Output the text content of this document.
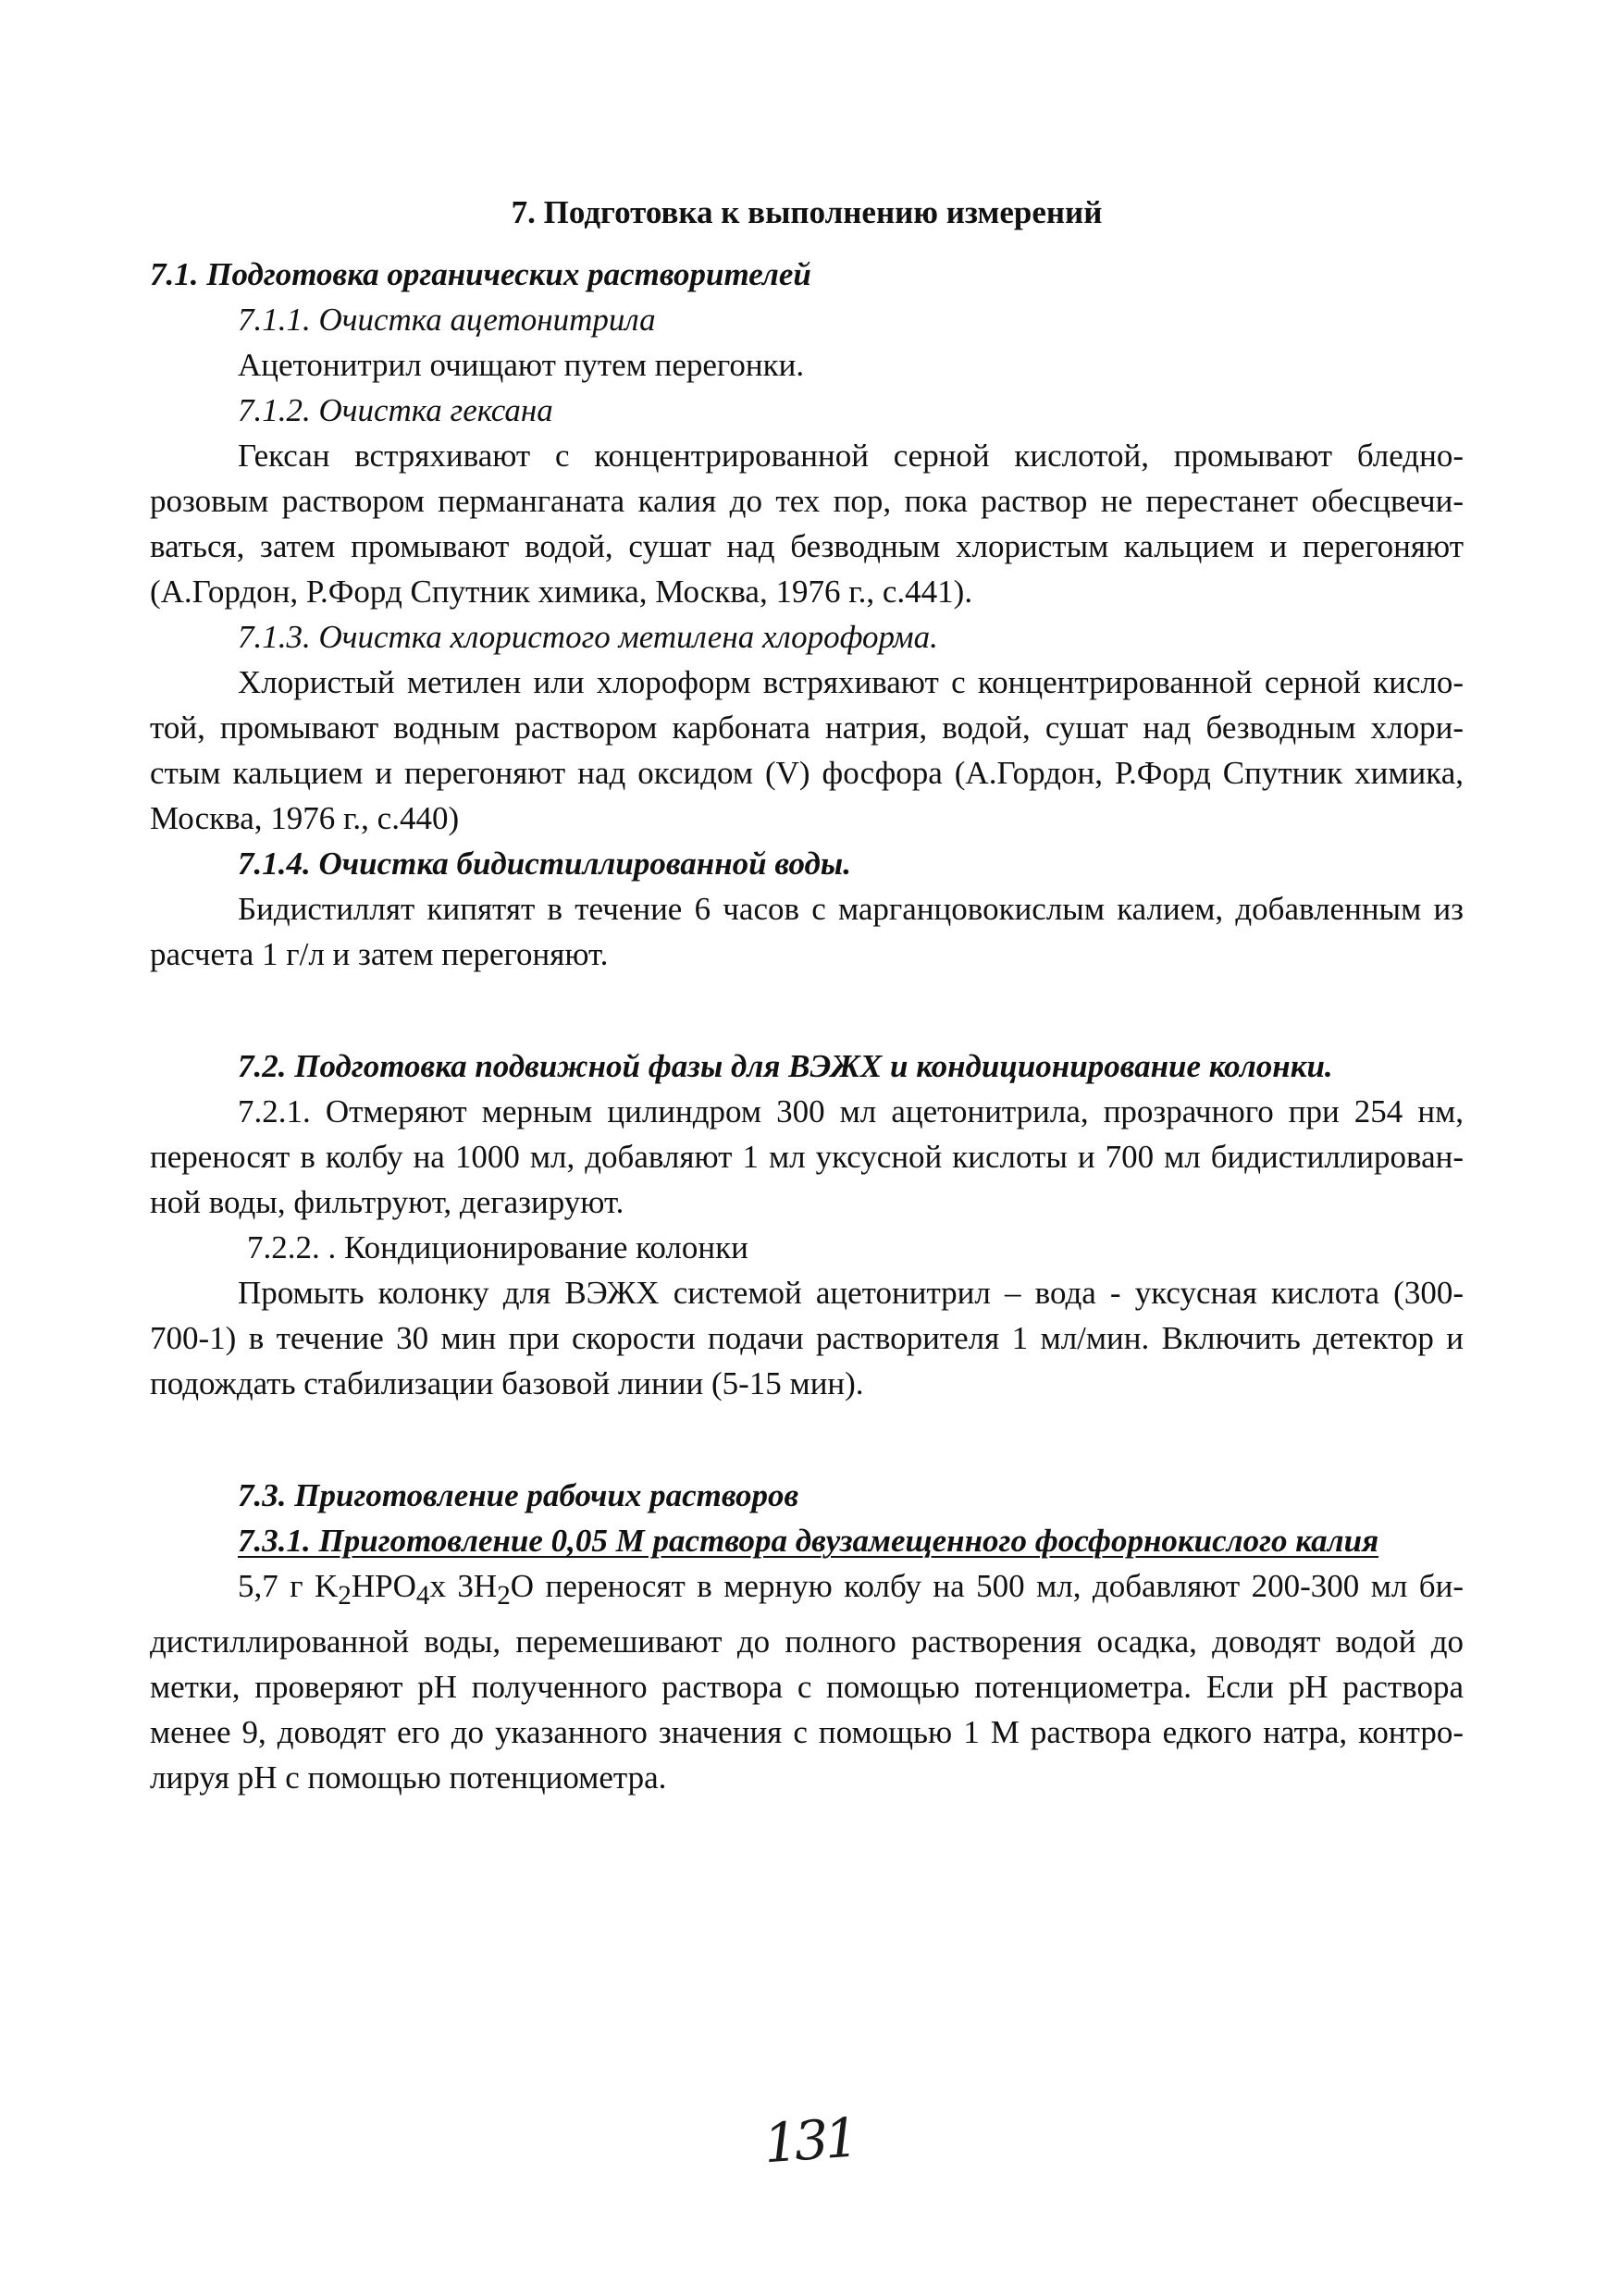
7. Подготовка к выполнению измерений
7.1. Подготовка органических растворителей
7.1.1. Очистка ацетонитрила
Ацетонитрил очищают путем перегонки.
7.1.2. Очистка гексана
Гексан встряхивают с концентрированной серной кислотой, промывают бледно-
розовым раствором перманганата калия до тех пор, пока раствор не перестанет обесцвечи-
ваться, затем промывают водой, сушат над безводным хлористым кальцием и перегоняют
(А.Гордон, Р.Форд Спутник химика, Москва, 1976 г., с.441).
7.1.3. Очистка хлористого метилена хлороформа.
Хлористый метилен или хлороформ встряхивают с концентрированной серной кисло-
той, промывают водным раствором карбоната натрия, водой, сушат над безводным хлори-
стым кальцием и перегоняют над оксидом (V) фосфора (А.Гордон, Р.Форд Спутник химика,
Москва, 1976 г., с.440)
7.1.4. Очистка бидистиллированной воды.
Бидистиллят кипятят в течение 6 часов с марганцовокислым калием, добавленным из
расчета 1 г/л и затем перегоняют.
7.2. Подготовка подвижной фазы для ВЭЖХ и кондиционирование колонки.
7.2.1. Отмеряют мерным цилиндром 300 мл ацетонитрила, прозрачного при 254 нм,
переносят в колбу на 1000 мл, добавляют 1 мл уксусной кислоты и 700 мл бидистиллирован-
ной воды, фильтруют, дегазируют.
7.2.2. . Кондиционирование колонки
Промыть колонку для ВЭЖХ системой ацетонитрил – вода - уксусная кислота (300-
700-1) в течение 30 мин при скорости подачи растворителя 1 мл/мин. Включить детектор и
подождать стабилизации базовой линии (5-15 мин).
7.3. Приготовление рабочих растворов
7.3.1. Приготовление 0,05 М раствора двузамещенного фосфорнокислого калия
5,7 г $K_2HPO_4x$ $3H_2O$ переносят в мерную колбу на 500 мл, добавляют 200-300 мл би-
дистиллированной воды, перемешивают до полного растворения осадка, доводят водой до
метки, проверяют pH полученного раствора с помощью потенциометра. Если pH раствора
менее 9, доводят его до указанного значения с помощью 1 М раствора едкого натра, контро-
лируя pH с помощью потенциометра.
131
